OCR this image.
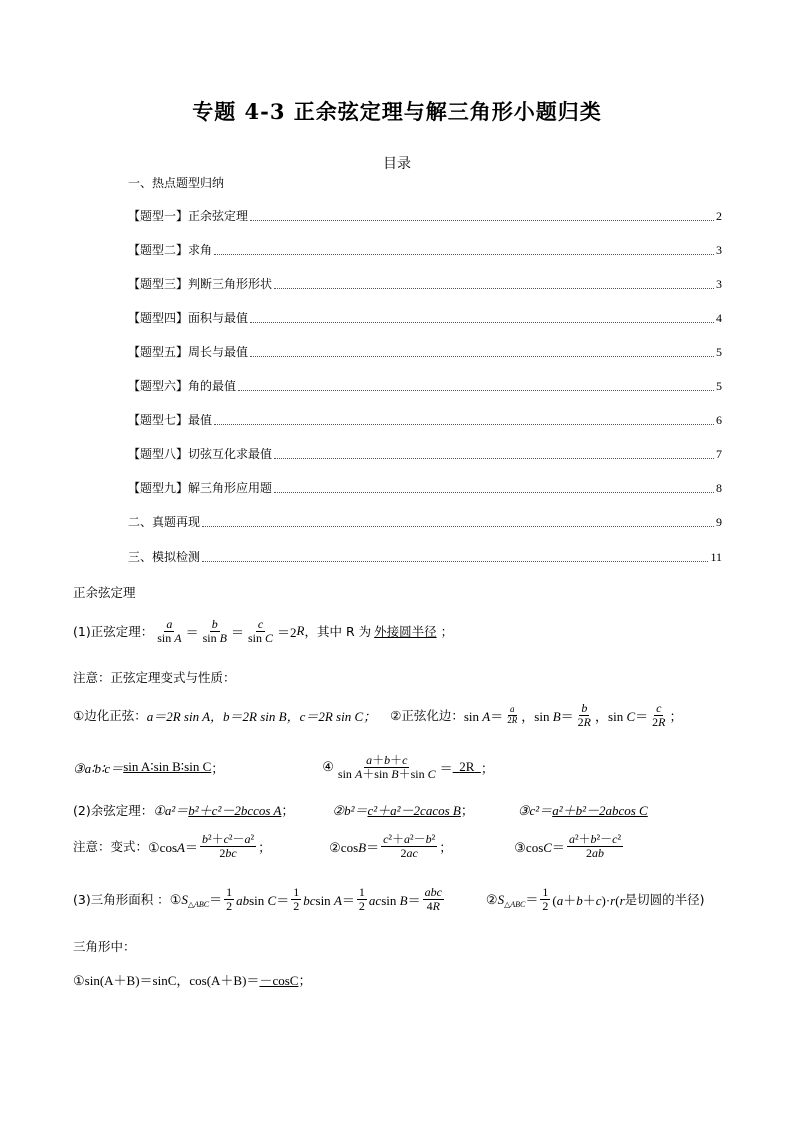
专题 4-3 正余弦定理与解三角形小题归类
目录
一、热点题型归纳
【题型一】正余弦定理	2
【题型二】求角	3
【题型三】判断三角形形状	3
【题型四】面积与最值	4
【题型五】周长与最值	5
【题型六】角的最值	5
【题型七】最值	6
【题型八】切弦互化求最值	7
【题型九】解三角形应用题	8
二、真题再现	9
三、模拟检测	11
正余弦定理
(1)正弦定理： $\frac{a}{\text{sin A}} = \frac{b}{\text{sin B}} = \frac{c}{\text{sin C}} =2$ R ，其中 R 为 外接圆半径 ；
注意：正弦定理变式与性质：
①边化正弦： a＝2R sin A，b＝2R sin B，c＝2R sin C； ②正弦化边： $\sin A= \frac{a}{2R}$ ， $\sin B= \frac{b}{2R}$ ， $\sin C= \frac{c}{2R}$ ；
③a∶b∶c＝ sin A∶sin B∶sin C ；	④ $\frac{a+b+c}{\text{sin A＋sin B＋sin C}} = 2R$ ；
(2)余弦定理： ①a²＝ b²＋c²－2bccos A ；	②b²＝ c²＋a²－2cacos B ；	③c²＝ a²＋b²－2abcos C
注意：变式： ①cosA＝ $\frac{\text{b²＋c²－a²}}{2bc}$ ；	②cosB＝ $\frac{\text{c²＋a²－b²}}{2ac}$ ；	③cosC＝ $\frac{\text{a²＋b²－c²}}{2ab}$
(3)三角形面积 ： $①S_{\triangle ABC}= \frac{1}{2}$ absin $C= \frac{1}{2}$ bcsin $A= \frac{1}{2}$ acsin $B= \frac{\text{abc}}{4R}$	$②S_{\triangle ABC}= \frac{1}{2} (a+b+c)\cdot r(r$ 是切圆的半径)
三角形中：
①sin(A＋B)＝sinC，cos(A＋B)＝ －cosC ；
